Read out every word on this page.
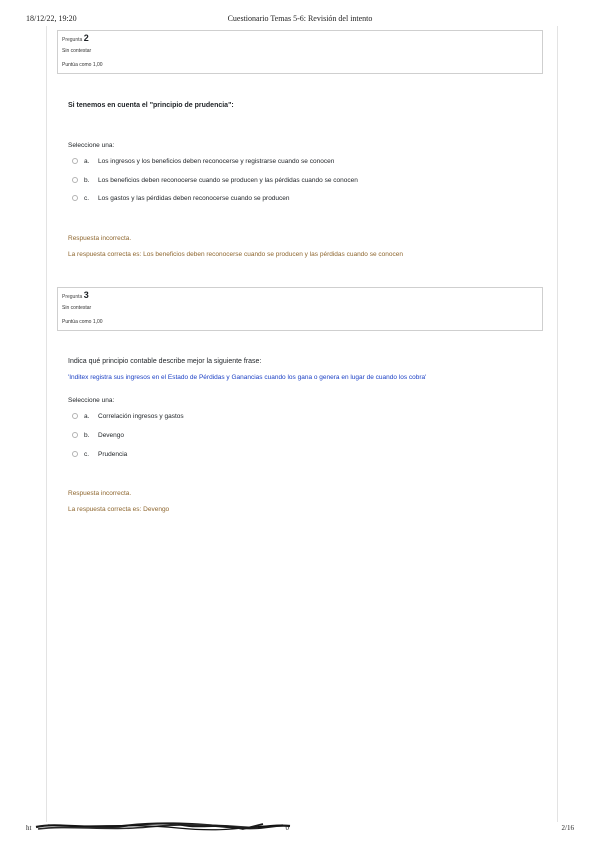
18/12/22, 19:20	Cuestionario Temas 5-6: Revisión del intento
Pregunta 2
Sin contestar
Puntúa como 1,00
Si tenemos en cuenta el "principio de prudencia":
Seleccione una:
a.	Los ingresos y los beneficios deben reconocerse y registrarse cuando se conocen
b.	Los beneficios deben reconocerse cuando se producen y las pérdidas cuando se conocen
c.	Los gastos y las pérdidas deben reconocerse cuando se producen
Respuesta incorrecta.
La respuesta correcta es: Los beneficios deben reconocerse cuando se producen y las pérdidas cuando se conocen
Pregunta 3
Sin contestar
Puntúa como 1,00
Indica qué principio contable describe mejor la siguiente frase:
'Inditex registra sus ingresos en el Estado de Pérdidas y Ganancias cuando los gana o genera en lugar de cuando los cobra'
Seleccione una:
a.	Correlación ingresos y gastos
b.	Devengo
c.	Prudencia
Respuesta incorrecta.
La respuesta correcta es: Devengo
ht	0	2/16
